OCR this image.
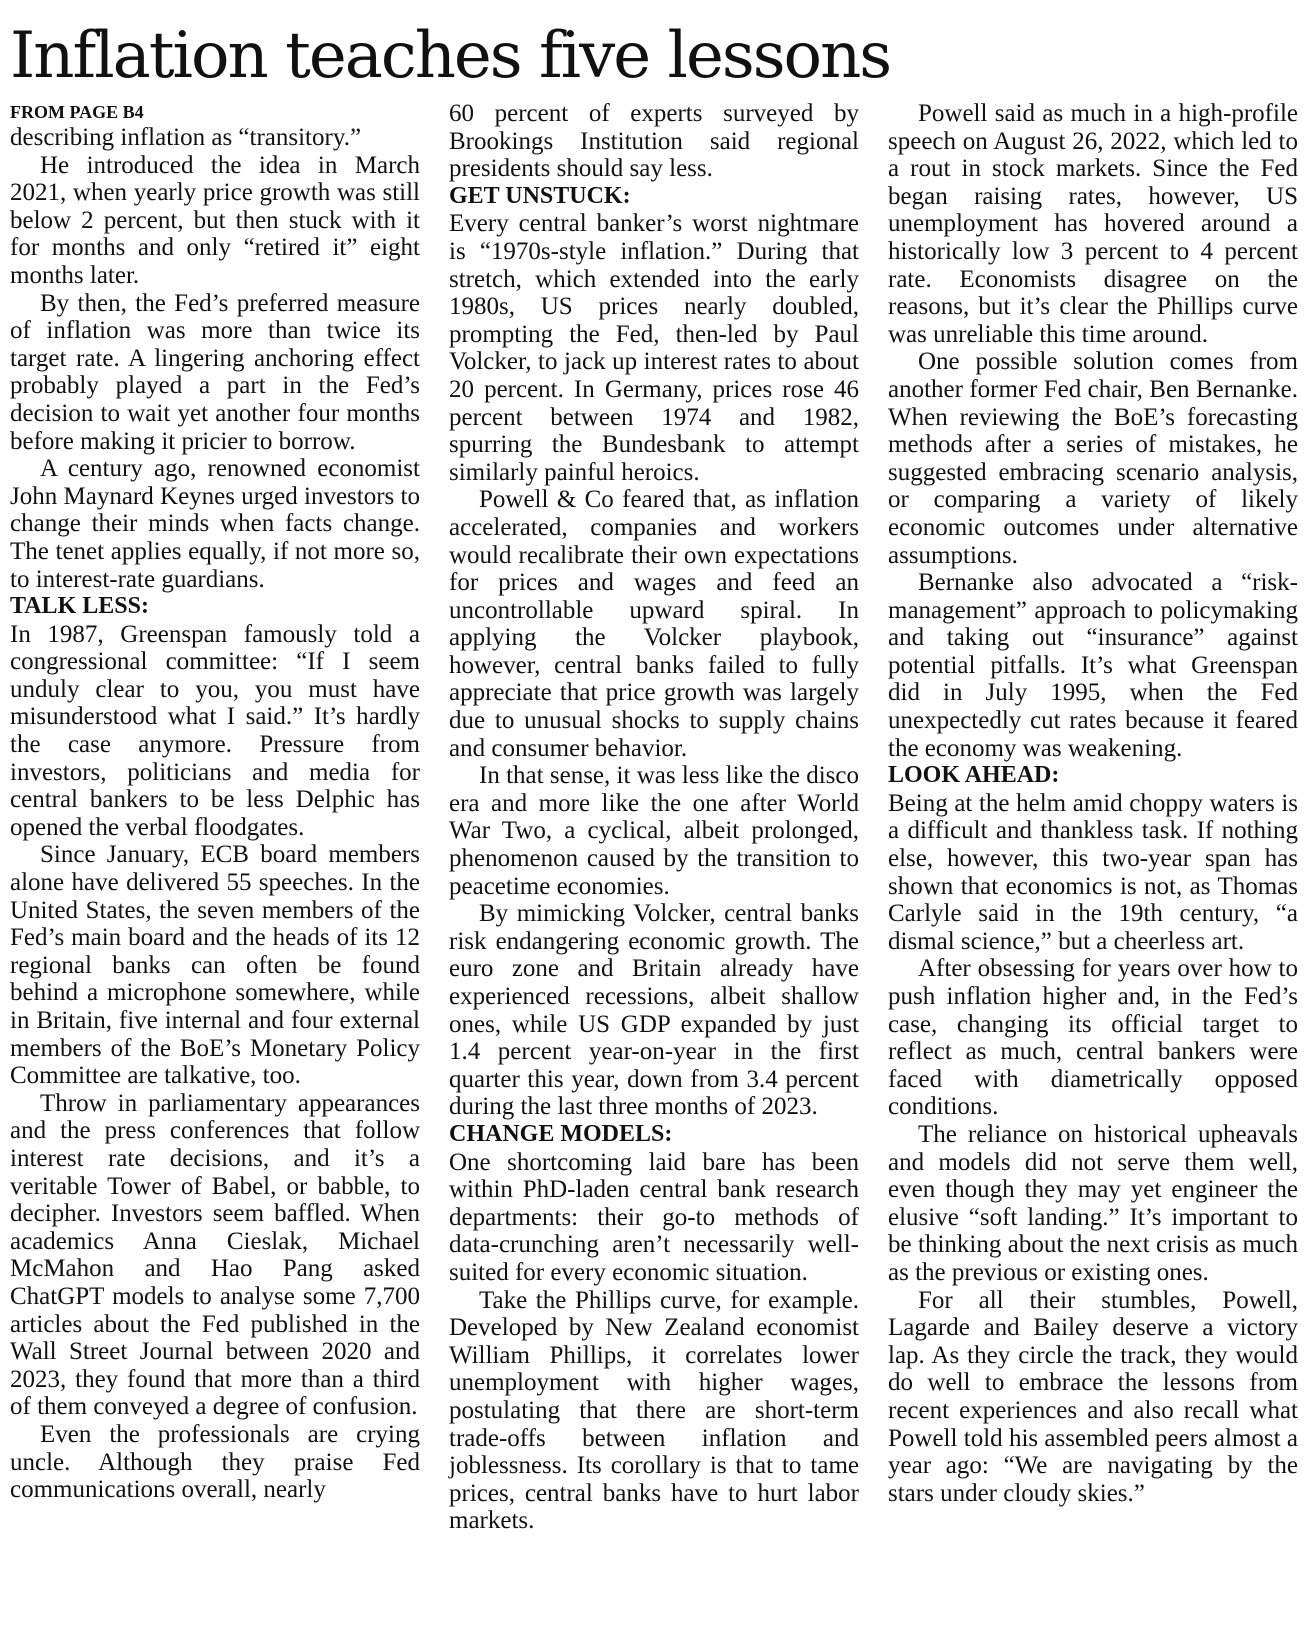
Inflation teaches five lessons
FROM PAGE B4

describing inflation as “transitory.”

He introduced the idea in March 2021, when yearly price growth was still below 2 percent, but then stuck with it for months and only “retired it” eight months later.

By then, the Fed’s preferred measure of inflation was more than twice its target rate. A lingering anchoring effect probably played a part in the Fed’s decision to wait yet another four months before making it pricier to borrow.

A century ago, renowned economist John Maynard Keynes urged investors to change their minds when facts change. The tenet applies equally, if not more so, to interest-rate guardians.

TALK LESS:

In 1987, Greenspan famously told a congressional committee: “If I seem unduly clear to you, you must have misunderstood what I said.” It’s hardly the case anymore. Pressure from investors, politicians and media for central bankers to be less Delphic has opened the verbal floodgates.

Since January, ECB board members alone have delivered 55 speeches. In the United States, the seven members of the Fed’s main board and the heads of its 12 regional banks can often be found behind a microphone somewhere, while in Britain, five internal and four external members of the BoE’s Monetary Policy Committee are talkative, too.

Throw in parliamentary appearances and the press conferences that follow interest rate decisions, and it’s a veritable Tower of Babel, or babble, to decipher. Investors seem baffled. When academics Anna Cieslak, Michael McMahon and Hao Pang asked ChatGPT models to analyse some 7,700 articles about the Fed published in the Wall Street Journal between 2020 and 2023, they found that more than a third of them conveyed a degree of confusion.

Even the professionals are crying uncle. Although they praise Fed communications overall, nearly

60 percent of experts surveyed by Brookings Institution said regional presidents should say less.

GET UNSTUCK:

Every central banker’s worst nightmare is “1970s-style inflation.” During that stretch, which extended into the early 1980s, US prices nearly doubled, prompting the Fed, then-led by Paul Volcker, to jack up interest rates to about 20 percent. In Germany, prices rose 46 percent between 1974 and 1982, spurring the Bundesbank to attempt similarly painful heroics.

Powell & Co feared that, as inflation accelerated, companies and workers would recalibrate their own expectations for prices and wages and feed an uncontrollable upward spiral. In applying the Volcker playbook, however, central banks failed to fully appreciate that price growth was largely due to unusual shocks to supply chains and consumer behavior.

In that sense, it was less like the disco era and more like the one after World War Two, a cyclical, albeit prolonged, phenomenon caused by the transition to peacetime economies.

By mimicking Volcker, central banks risk endangering economic growth. The euro zone and Britain already have experienced recessions, albeit shallow ones, while US GDP expanded by just 1.4 percent year-on-year in the first quarter this year, down from 3.4 percent during the last three months of 2023.

CHANGE MODELS:

One shortcoming laid bare has been within PhD-laden central bank research departments: their go-to methods of data-crunching aren’t necessarily well-suited for every economic situation.

Take the Phillips curve, for example. Developed by New Zealand economist William Phillips, it correlates lower unemployment with higher wages, postulating that there are short-term trade-offs between inflation and joblessness. Its corollary is that to tame prices, central banks have to hurt labor markets.

Powell said as much in a high-profile speech on August 26, 2022, which led to a rout in stock markets. Since the Fed began raising rates, however, US unemployment has hovered around a historically low 3 percent to 4 percent rate. Economists disagree on the reasons, but it’s clear the Phillips curve was unreliable this time around.

One possible solution comes from another former Fed chair, Ben Bernanke. When reviewing the BoE’s forecasting methods after a series of mistakes, he suggested embracing scenario analysis, or comparing a variety of likely economic outcomes under alternative assumptions.

Bernanke also advocated a “risk-management” approach to policymaking and taking out “insurance” against potential pitfalls. It’s what Greenspan did in July 1995, when the Fed unexpectedly cut rates because it feared the economy was weakening.

LOOK AHEAD:

Being at the helm amid choppy waters is a difficult and thankless task. If nothing else, however, this two-year span has shown that economics is not, as Thomas Carlyle said in the 19th century, “a dismal science,” but a cheerless art.

After obsessing for years over how to push inflation higher and, in the Fed’s case, changing its official target to reflect as much, central bankers were faced with diametrically opposed conditions.

The reliance on historical upheavals and models did not serve them well, even though they may yet engineer the elusive “soft landing.” It’s important to be thinking about the next crisis as much as the previous or existing ones.

For all their stumbles, Powell, Lagarde and Bailey deserve a victory lap. As they circle the track, they would do well to embrace the lessons from recent experiences and also recall what Powell told his assembled peers almost a year ago: “We are navigating by the stars under cloudy skies.”
